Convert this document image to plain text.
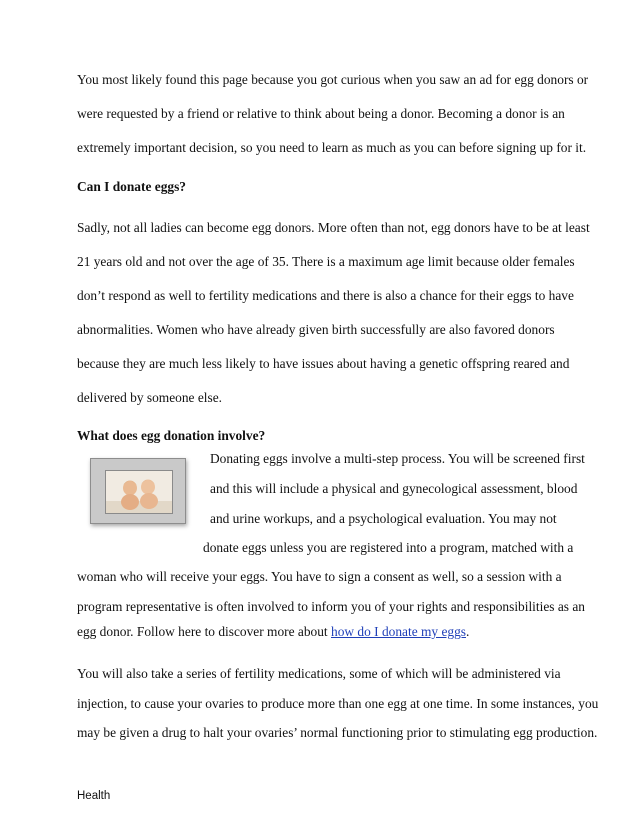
You most likely found this page because you got curious when you saw an ad for egg donors or
were requested by a friend or relative to think about being a donor. Becoming a donor is an
extremely important decision, so you need to learn as much as you can before signing up for it.
Can I donate eggs?
Sadly, not all ladies can become egg donors. More often than not, egg donors have to be at least
21 years old and not over the age of 35. There is a maximum age limit because older females
don’t respond as well to fertility medications and there is also a chance for their eggs to have
abnormalities. Women who have already given birth successfully are also favored donors
because they are much less likely to have issues about having a genetic offspring reared and
delivered by someone else.
What does egg donation involve?
Donating eggs involve a multi-step process. You will be screened first
and this will include a physical and gynecological assessment, blood
and urine workups, and a psychological evaluation. You may not
donate eggs unless you are registered into a program, matched with a
woman who will receive your eggs. You have to sign a consent as well, so a session with a
program representative is often involved to inform you of your rights and responsibilities as an
egg donor. Follow here to discover more about how do I donate my eggs.
You will also take a series of fertility medications, some of which will be administered via
injection, to cause your ovaries to produce more than one egg at one time. In some instances, you
may be given a drug to halt your ovaries’ normal functioning prior to stimulating egg production.
Health
